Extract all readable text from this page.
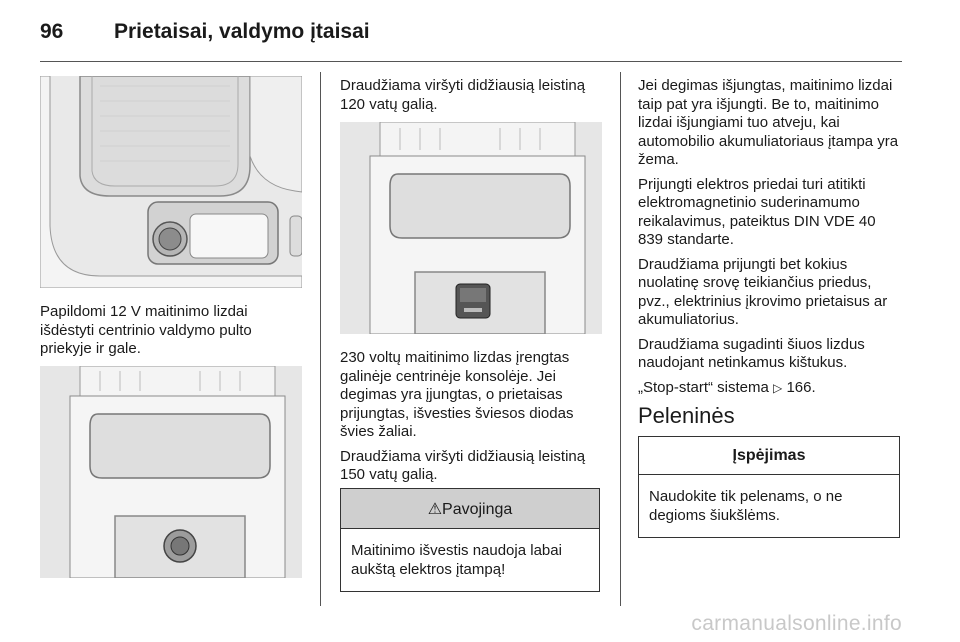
96 Prietaisai, valdymo įtaisai

Papildomi 12 V maitinimo lizdai išdėstyti centrinio valdymo pulto priekyje ir gale.

Draudžiama viršyti didžiausią leistiną 120 vatų galią.

230 voltų maitinimo lizdas įrengtas galinėje centrinėje konsolėje. Jei degimas yra įjungtas, o prietaisas prijungtas, išvesties šviesos diodas švies žaliai.

Draudžiama viršyti didžiausią leistiną 150 vatų galią.

⚠Pavojinga
Maitinimo išvestis naudoja labai aukštą elektros įtampą!

Jei degimas išjungtas, maitinimo lizdai taip pat yra išjungti. Be to, maitinimo lizdai išjungiami tuo atveju, kai automobilio akumuliatoriaus įtampa yra žema.

Prijungti elektros priedai turi atitikti elektromagnetinio suderinamumo reikalavimus, pateiktus DIN VDE 40 839 standarte.

Draudžiama prijungti bet kokius nuolatinę srovę teikiančius priedus, pvz., elektrinius įkrovimo prietaisus ar akumuliatorius.

Draudžiama sugadinti šiuos lizdus naudojant netinkamus kištukus.

„Stop-start“ sistema ▷ 166.

Peleninės
Įspėjimas
Naudokite tik pelenams, o ne degioms šiukšlėms.
carmanualsonline.info
